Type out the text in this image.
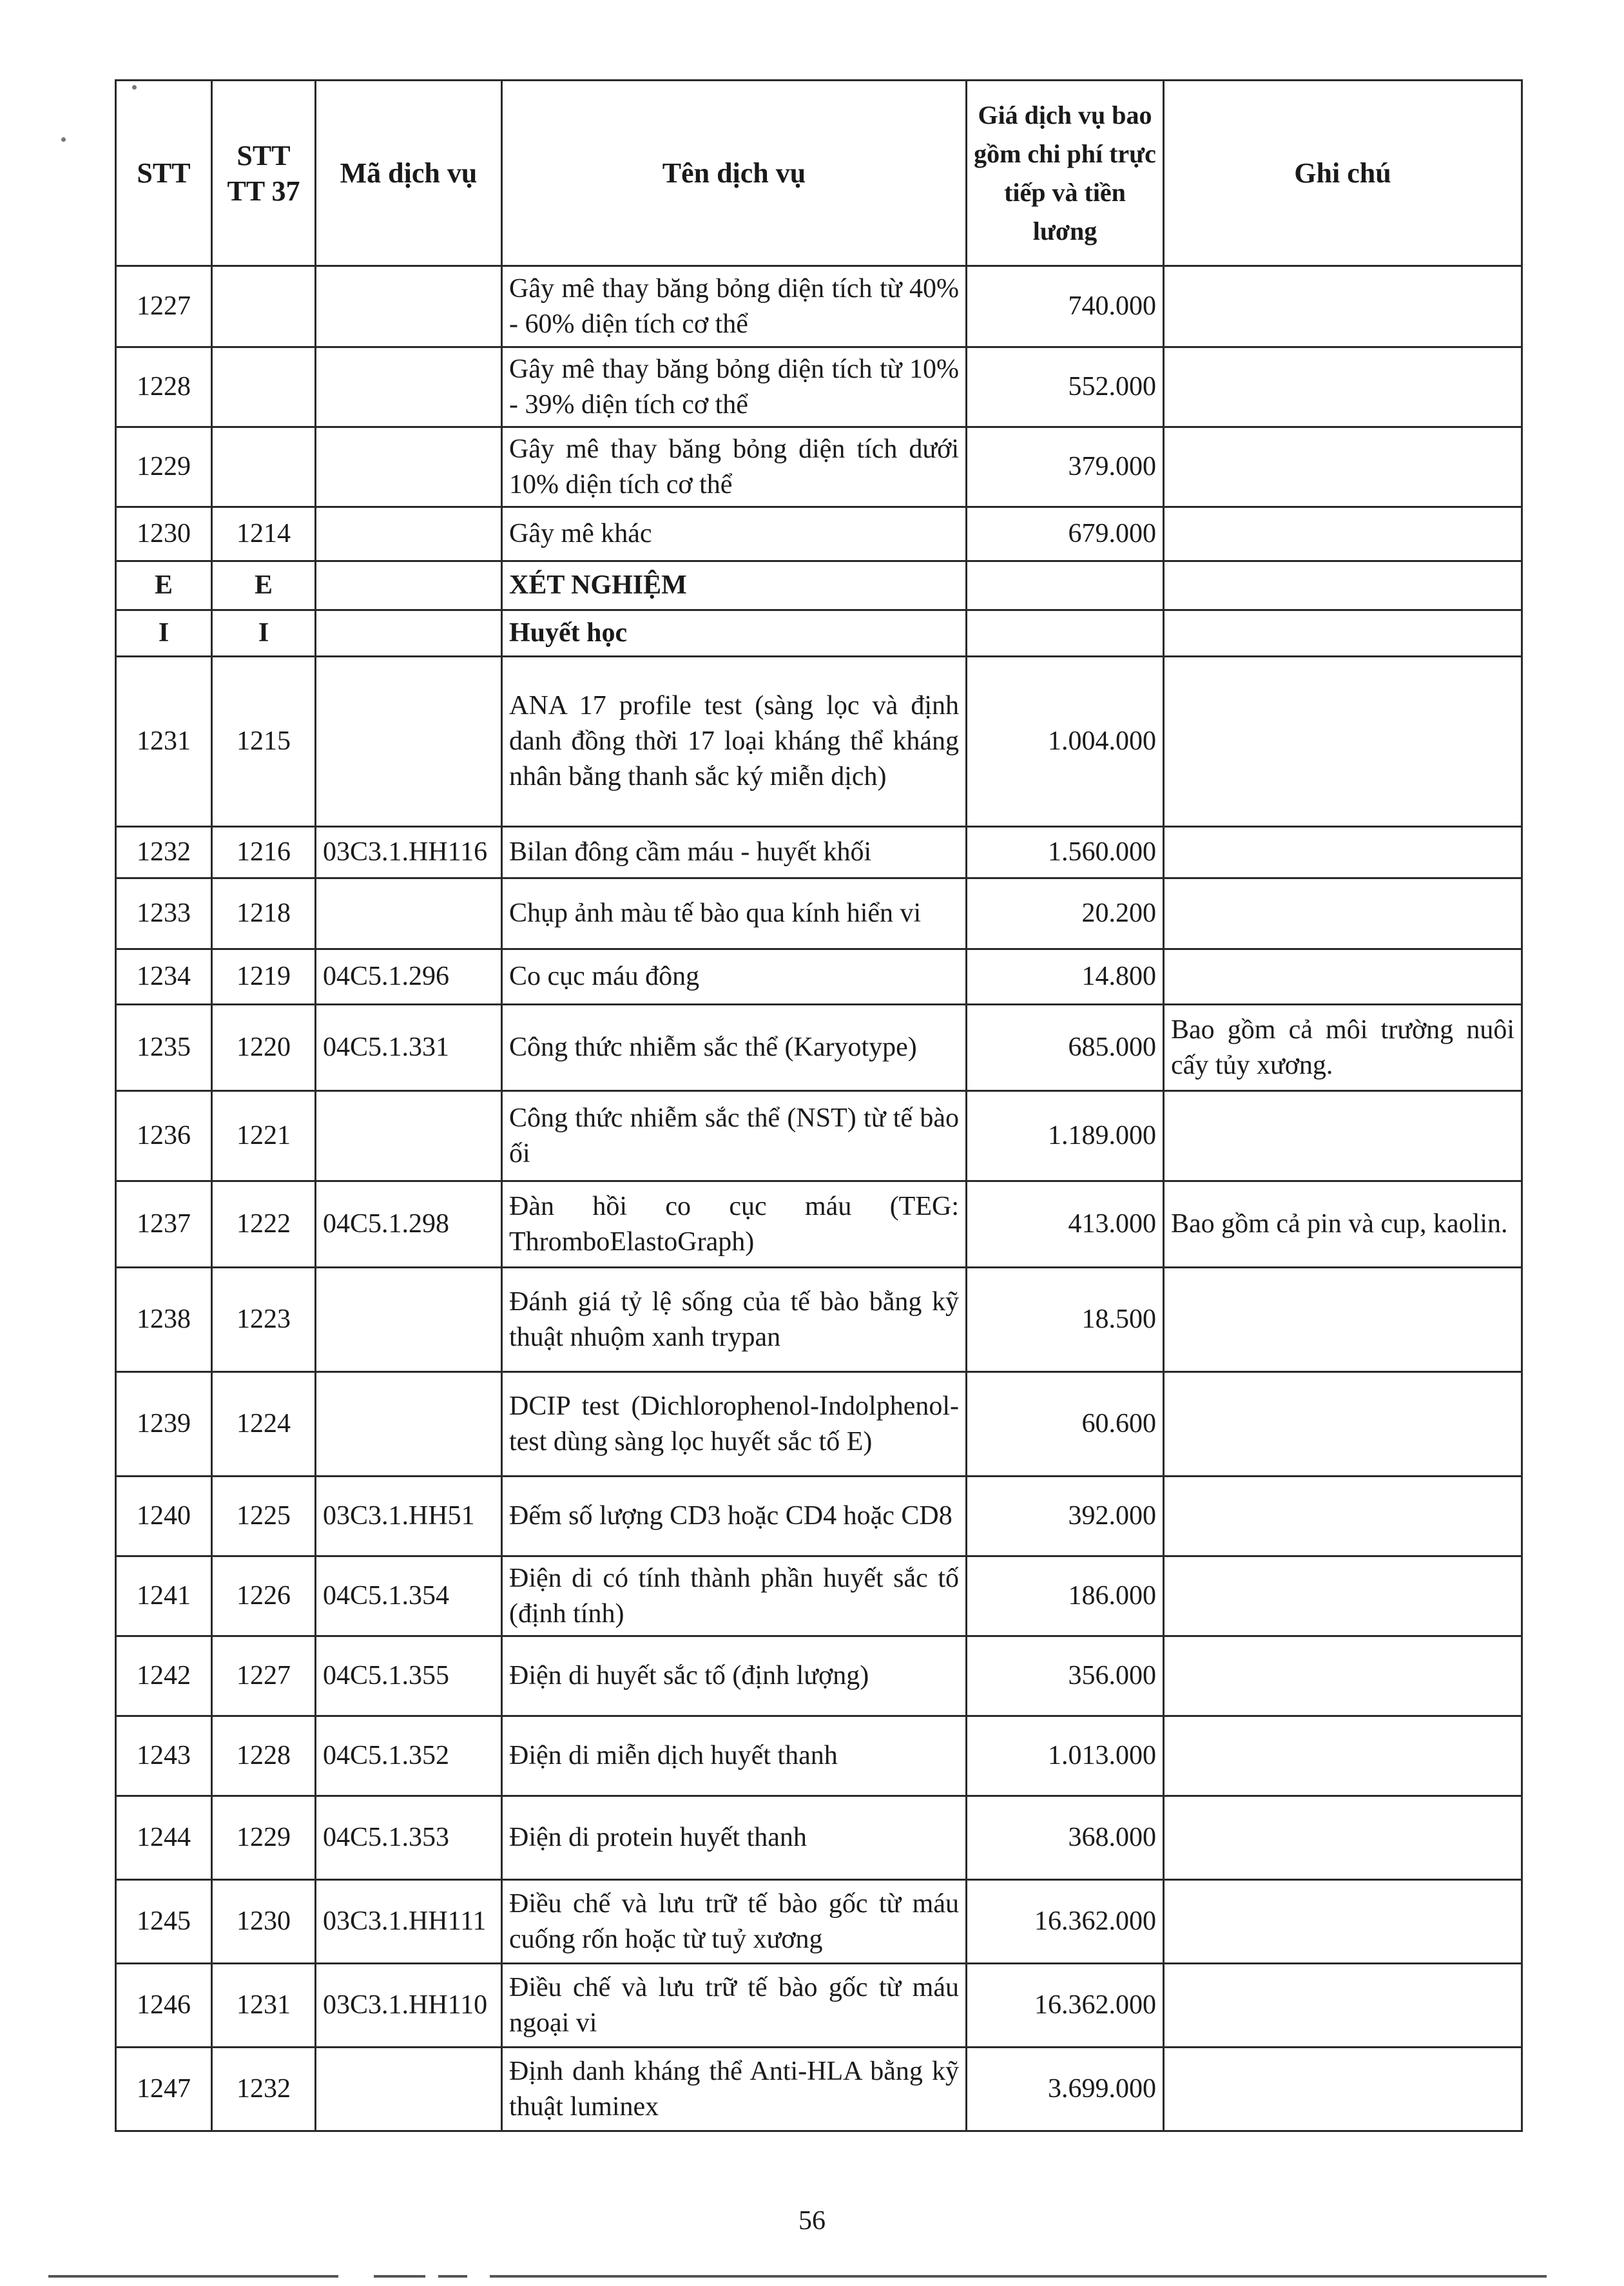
STT	STT TT 37	Mã dịch vụ	Tên dịch vụ	Giá dịch vụ bao gồm chi phí trực tiếp và tiền lương	Ghi chú
1227			Gây mê thay băng bỏng diện tích từ 40% - 60% diện tích cơ thể	740.000	
1228			Gây mê thay băng bỏng diện tích từ 10% - 39% diện tích cơ thể	552.000	
1229			Gây mê thay băng bỏng diện tích dưới 10% diện tích cơ thể	379.000	
1230	1214		Gây mê khác	679.000	
E	E		XÉT NGHIỆM		
I	I		Huyết học		
1231	1215		ANA 17 profile test (sàng lọc và định danh đồng thời 17 loại kháng thể kháng nhân bằng thanh sắc ký miễn dịch)	1.004.000	
1232	1216	03C3.1.HH116	Bilan đông cầm máu - huyết khối	1.560.000	
1233	1218		Chụp ảnh màu tế bào qua kính hiển vi	20.200	
1234	1219	04C5.1.296	Co cục máu đông	14.800	
1235	1220	04C5.1.331	Công thức nhiễm sắc thể (Karyotype)	685.000	Bao gồm cả môi trường nuôi cấy tủy xương.
1236	1221		Công thức nhiễm sắc thể (NST) từ tế bào ối	1.189.000	
1237	1222	04C5.1.298	Đàn hồi co cục máu (TEG: ThromboElastoGraph)	413.000	Bao gồm cả pin và cup, kaolin.
1238	1223		Đánh giá tỷ lệ sống của tế bào bằng kỹ thuật nhuộm xanh trypan	18.500	
1239	1224		DCIP test (Dichlorophenol-Indolphenol- test dùng sàng lọc huyết sắc tố E)	60.600	
1240	1225	03C3.1.HH51	Đếm số lượng CD3 hoặc CD4 hoặc CD8	392.000	
1241	1226	04C5.1.354	Điện di có tính thành phần huyết sắc tố (định tính)	186.000	
1242	1227	04C5.1.355	Điện di huyết sắc tố (định lượng)	356.000	
1243	1228	04C5.1.352	Điện di miễn dịch huyết thanh	1.013.000	
1244	1229	04C5.1.353	Điện di protein huyết thanh	368.000	
1245	1230	03C3.1.HH111	Điều chế và lưu trữ tế bào gốc từ máu cuống rốn hoặc từ tuỷ xương	16.362.000	
1246	1231	03C3.1.HH110	Điều chế và lưu trữ tế bào gốc từ máu ngoại vi	16.362.000	
1247	1232		Định danh kháng thể Anti-HLA bằng kỹ thuật luminex	3.699.000	
56
